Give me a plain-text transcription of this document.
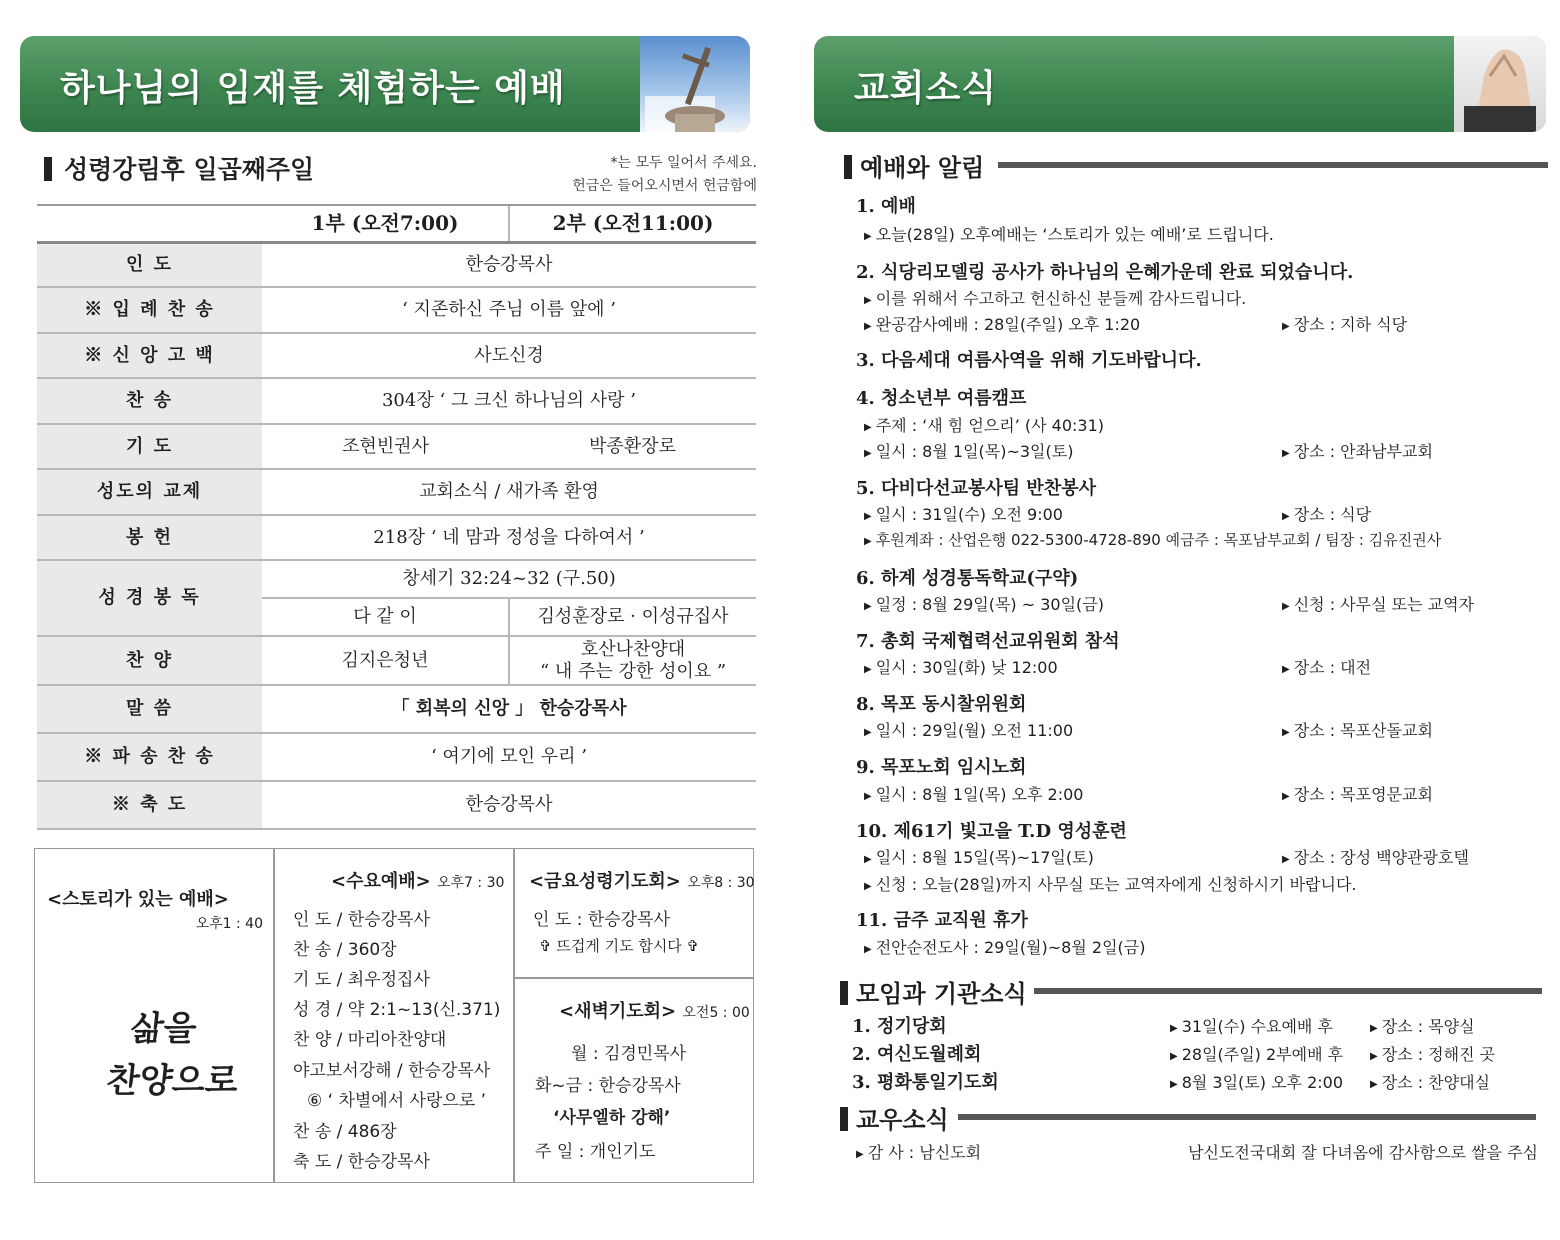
하나님의 임재를 체험하는 예배
성령강림후 일곱째주일	*는 모두 일어서 주세요.
헌금은 들어오시면서 헌금함에
	1부 (오전7:00)	2부 (오전11:00)
인 도	한승강목사	
※ 입 례 찬 송	‘ 지존하신 주님 이름 앞에 ’	
※ 신 앙 고 백	사도신경	
찬 송	304장 ‘ 그 크신 하나님의 사랑 ’	
기 도	조현빈권사	박종환장로
성도의 교제	교회소식 / 새가족 환영	
봉 헌	218장 ‘ 네 맘과 정성을 다하여서 ’	
성 경 봉 독	창세기 32:24~32 (구.50)	
	다 같 이	김성훈장로 · 이성규집사
찬 양	김지은청년	호산나찬양대
“ 내 주는 강한 성이요 ”

말 씀	「 회복의 신앙 」 한승강목사	
※ 파 송 찬 송	‘ 여기에 모인 우리 ’	
※ 축 도	한승강목사	
<스토리가 있는 예배>
오후1 : 40
삶을
찬양으로
<수요예배> 오후7 : 30
인 도 / 한승강목사
찬 송 / 360장
기 도 / 최우정집사
성 경 / 약 2:1~13(신.371)
찬 양 / 마리아찬양대
야고보서강해 / 한승강목사
⑥ ‘ 차별에서 사랑으로 ’
찬 송 / 486장
축 도 / 한승강목사
<금요성령기도회> 오후8 : 30
인 도 : 한승강목사
✞ 뜨겁게 기도 합시다 ✞
<새벽기도회> 오전5 : 00
월 : 김경민목사
화~금 : 한승강목사
‘사무엘하 강해’
주 일 : 개인기도
교회소식
예배와 알림
1. 예배
▶ 오늘(28일) 오후예배는 ‘스토리가 있는 예배’로 드립니다.
2. 식당리모델링 공사가 하나님의 은혜가운데 완료 되었습니다.
▶ 이를 위해서 수고하고 헌신하신 분들께 감사드립니다.
▶ 완공감사예배 : 28일(주일) 오후 1:20	▶ 장소 : 지하 식당
3. 다음세대 여름사역을 위해 기도바랍니다.
4. 청소년부 여름캠프
▶ 주제 : ‘새 힘 얻으리’ (사 40:31)
▶ 일시 : 8월 1일(목)~3일(토)	▶ 장소 : 안좌남부교회
5. 다비다선교봉사팀 반찬봉사
▶ 일시 : 31일(수) 오전 9:00	▶ 장소 : 식당
▶ 후원계좌 : 산업은행 022-5300-4728-890 예금주 : 목포남부교회 / 팀장 : 김유진권사
6. 하계 성경통독학교(구약)
▶ 일정 : 8월 29일(목) ~ 30일(금)	▶ 신청 : 사무실 또는 교역자
7. 총회 국제협력선교위원회 참석
▶ 일시 : 30일(화) 낮 12:00	▶ 장소 : 대전
8. 목포 동시찰위원회
▶ 일시 : 29일(월) 오전 11:00	▶ 장소 : 목포산돌교회
9. 목포노회 임시노회
▶ 일시 : 8월 1일(목) 오후 2:00	▶ 장소 : 목포영문교회
10. 제61기 빛고을 T.D 영성훈련
▶ 일시 : 8월 15일(목)~17일(토)	▶ 장소 : 장성 백양관광호텔
▶ 신청 : 오늘(28일)까지 사무실 또는 교역자에게 신청하시기 바랍니다.
11. 금주 교직원 휴가
▶ 전안순전도사 : 29일(월)~8월 2일(금)
모임과 기관소식
1. 정기당회	▶ 31일(수) 수요예배 후	▶ 장소 : 목양실
2. 여신도월례회	▶ 28일(주일) 2부예배 후	▶ 장소 : 정해진 곳
3. 평화통일기도회	▶ 8월 3일(토) 오후 2:00	▶ 장소 : 찬양대실
교우소식
▶ 감 사 : 남신도회	남신도전국대회 잘 다녀옴에 감사함으로 쌀을 주심
